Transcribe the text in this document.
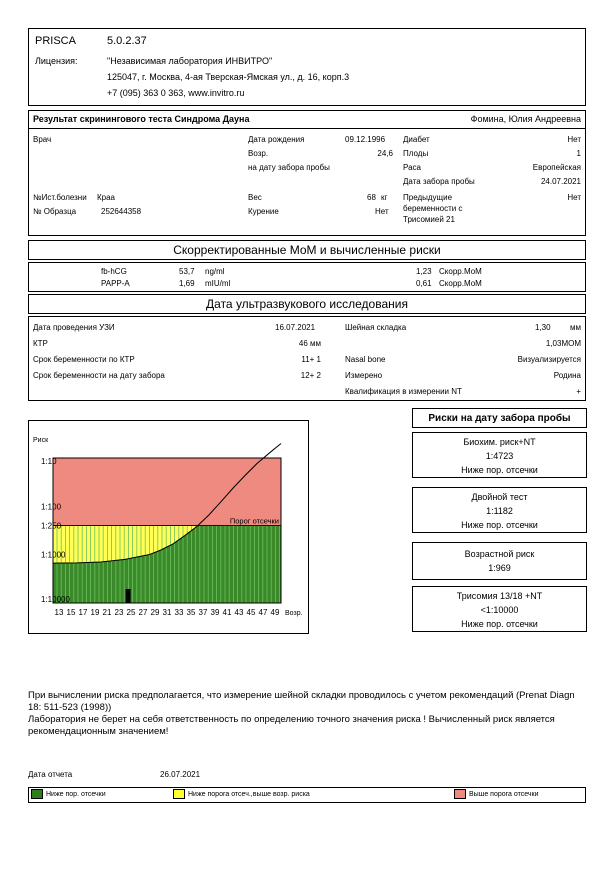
PRISCA	5.0.2.37
Лицензия:	"Независимая лаборатория ИНВИТРО"
125047, г. Москва, 4-ая Тверская-Ямская ул., д. 16, корп.3
+7 (095) 363 0 363, www.invitro.ru
Результат скринингового теста Синдрома Дауна	Фомина, Юлия Андреевна
Врач	Дата рождения	09.12.1996
Возр.	24,6
на дату забора пробы
Диабет	Нет
Плоды	1
Раса	Европейская
Дата забора пробы	24.07.2021
№Ист.болезни	Краа
№ Образца	252644358
Вес	68 кг
Курение	Нет
Предыдущие
беременности с
Трисомией 21
Нет
Скорректированные МоМ и вычисленные риски
fb-hCG	53,7 ng/ml	1,23 Скорр.МоМ
PAPP-A	1,69 mIU/ml	0,61 Скорр.МоМ
Дата ультразвукового исследования
Дата проведения УЗИ	16.07.2021
КТР	46 мм
Срок беременности по КТР	11+ 1
Срок беременности на дату забора	12+ 2
Шейная складка	1,30 мм
1,03МОМ
Nasal bone	Визуализируется
Измерено	Родина
Квалификация в измерении NT	+
Риск
1:10
1:100
1:250
1:1000
1:10000
Порог отсечки
13 15 17 19 21 23 25 27 29 31 33 35 37 39 41 43 45 47 49 Возр.
Риски на дату забора пробы
Биохим. риск+NT
1:4723
Ниже пор. отсечки
Двойной тест
1:1182
Ниже пор. отсечки
Возрастной риск
1:969
Трисомия 13/18 +NT
<1:10000
Ниже пор. отсечки
При вычислении риска предполагается, что измерение шейной складки проводилось с учетом рекомендаций (Prenat Diagn 18: 511-523 (1998))
Лаборатория не берет на себя ответственность по определению точного значения риска ! Вычисленный риск является рекомендационным значением!
Дата отчета	26.07.2021
Ниже пор. отсечки	Ниже порога отсеч.,выше возр. риска	Выше порога отсечки
